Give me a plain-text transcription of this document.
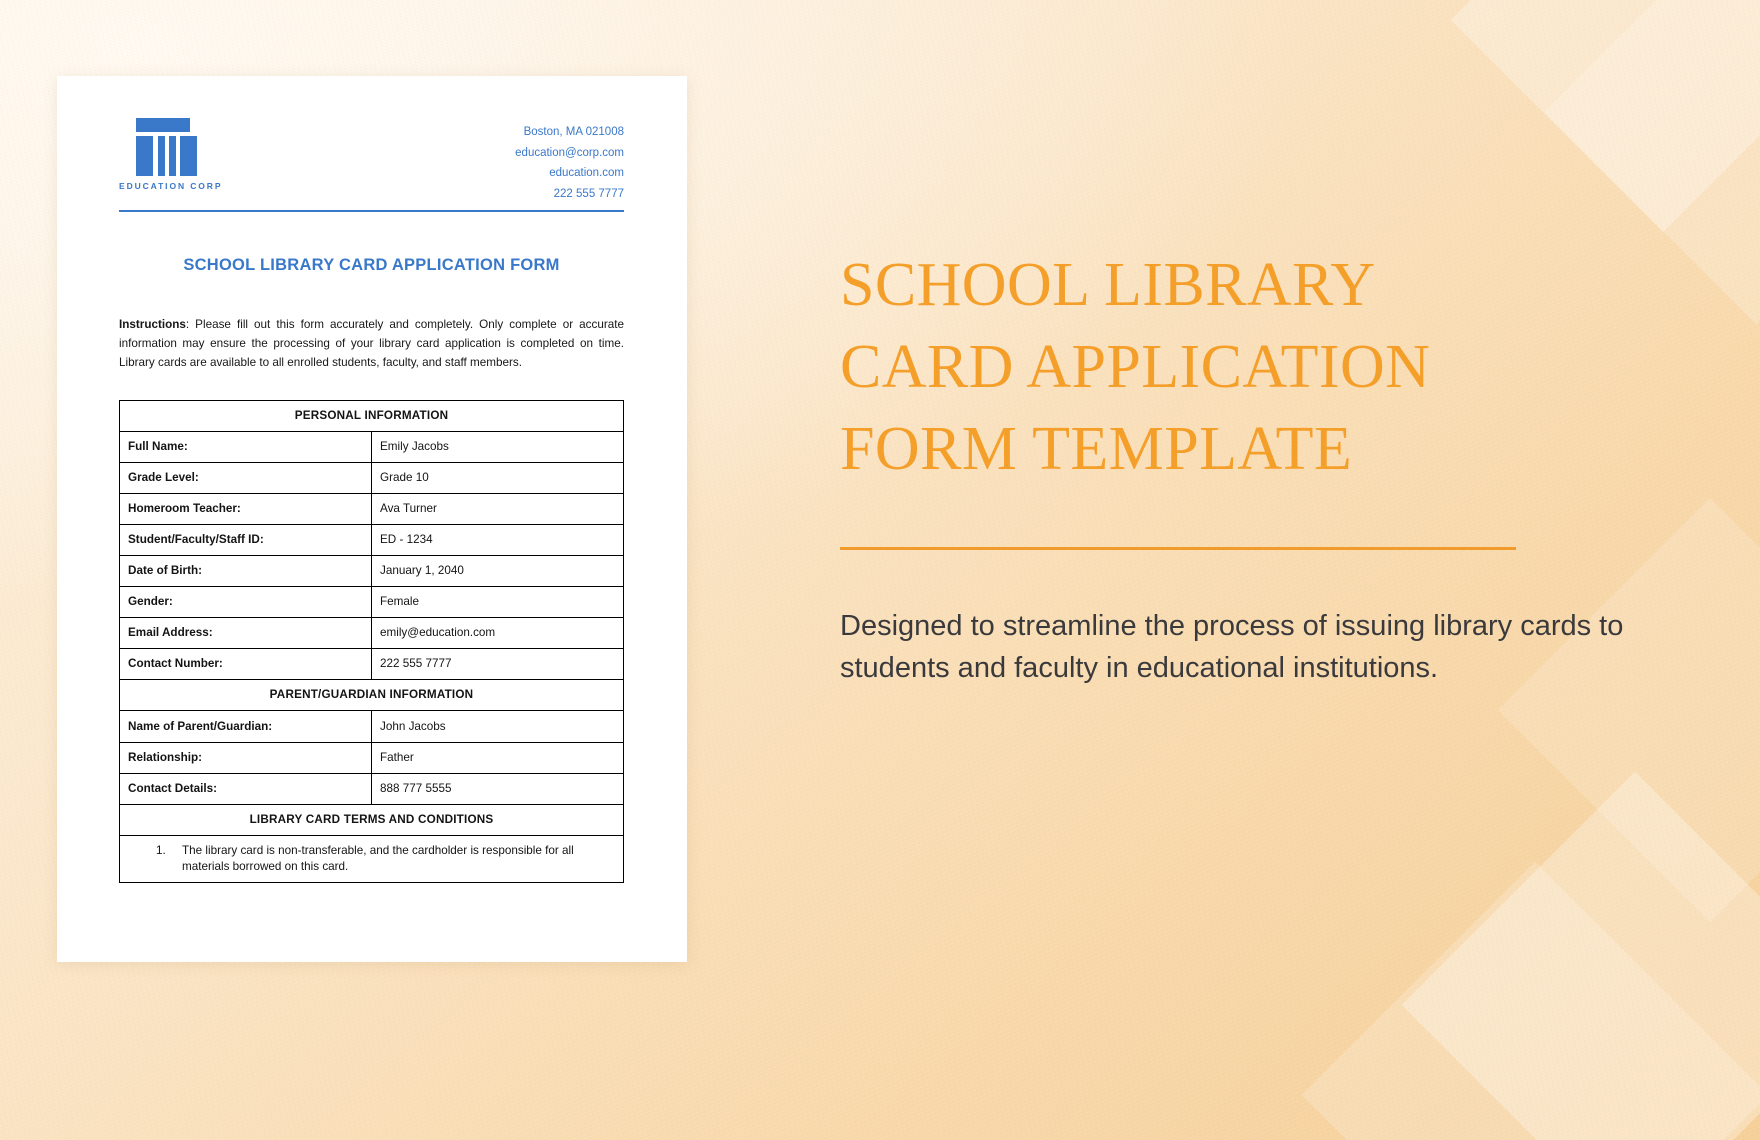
EDUCATION CORP
Boston, MA 021008
education@corp.com
education.com
222 555 7777
SCHOOL LIBRARY CARD APPLICATION FORM
Instructions: Please fill out this form accurately and completely. Only complete or accurate information may ensure the processing of your library card application is completed on time. Library cards are available to all enrolled students, faculty, and staff members.
PERSONAL INFORMATION	
Full Name:	Emily Jacobs
Grade Level:	Grade 10
Homeroom Teacher:	Ava Turner
Student/Faculty/Staff ID:	ED - 1234
Date of Birth:	January 1, 2040
Gender:	Female
Email Address:	emily@education.com
Contact Number:	222 555 7777
PARENT/GUARDIAN INFORMATION	
Name of Parent/Guardian:	John Jacobs
Relationship:	Father
Contact Details:	888 777 5555
LIBRARY CARD TERMS AND CONDITIONS	

1. The library card is non-transferable, and the cardholder is responsible for all materials borrowed on this card.	
SCHOOL LIBRARY CARD APPLICATION FORM TEMPLATE
Designed to streamline the process of issuing library cards to students and faculty in educational institutions.
